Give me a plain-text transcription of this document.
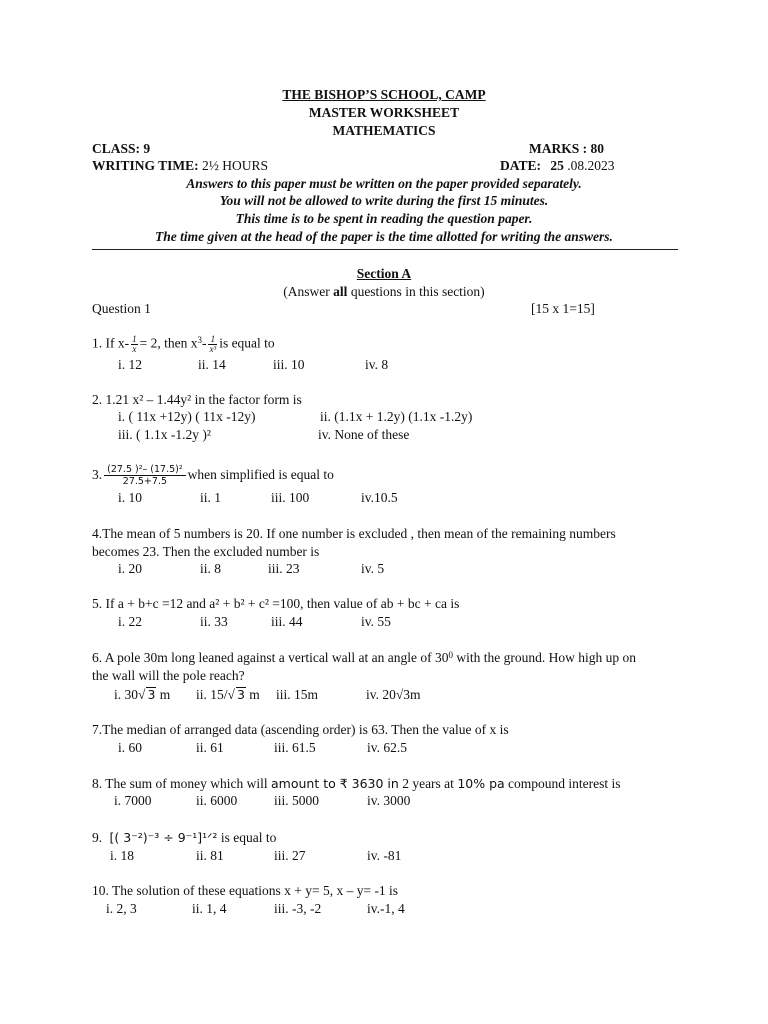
THE BISHOP’S SCHOOL, CAMP
MASTER WORKSHEET
MATHEMATICS
CLASS: 9	MARKS : 80
WRITING TIME: 2½ HOURS	DATE: 25 .08.2023
Answers to this paper must be written on the paper provided separately.
You will not be allowed to write during the first 15 minutes.
This time is to be spent in reading the question paper.
The time given at the head of the paper is the time allotted for writing the answers.
Section A
(Answer all questions in this section)
Question 1	[15 x 1=15]
1. If $x- \frac{1}{x} = 2$, then $x^3- \frac{1}{\text{x³}}$ is equal to
i. 12	ii. 14	iii. 10	iv. 8
2. 1.21 x² – 1.44y² in the factor form is
i. ( 11x +12y) ( 11x -12y)	ii. (1.1x + 1.2y) (1.1x -1.2y)
iii. ( 1.1x -1.2y )²	iv. None of these
3. $\frac{\text{(27.5 )²– (17.5)²}}{27.5+7.5}$ when simplified is equal to
i. 10	ii. 1	iii. 100	iv.10.5
4.The mean of 5 numbers is 20. If one number is excluded , then mean of the remaining numbers
becomes 23. Then the excluded number is
i. 20	ii. 8	iii. 23	iv. 5
5. If a + b+c =12 and a² + b² + c² =100, then value of ab + bc + ca is
i. 22	ii. 33	iii. 44	iv. 55
6. A pole 30m long leaned against a vertical wall at an angle of $30^0$ with the ground. How high up on
the wall will the pole reach?
i. 30√ 3 m ii. 15/√ 3 m iii. 15m	iv. 20√3m
7.The median of arranged data (ascending order) is 63. Then the value of x is
i. 60	ii. 61	iii. 61.5	iv. 62.5
8. The sum of money which will amount to ₹ 3630 in 2 years at 10% pa compound interest is
i. 7000	ii. 6000	iii. 5000	iv. 3000
9. [( 3⁻²)⁻³ ÷ 9⁻¹]¹ᐟ² is equal to
i. 18	ii. 81	iii. 27	iv. -81
10. The solution of these equations x + y= 5, x – y= -1 is
i. 2, 3	ii. 1, 4	iii. -3, -2	iv.-1, 4
